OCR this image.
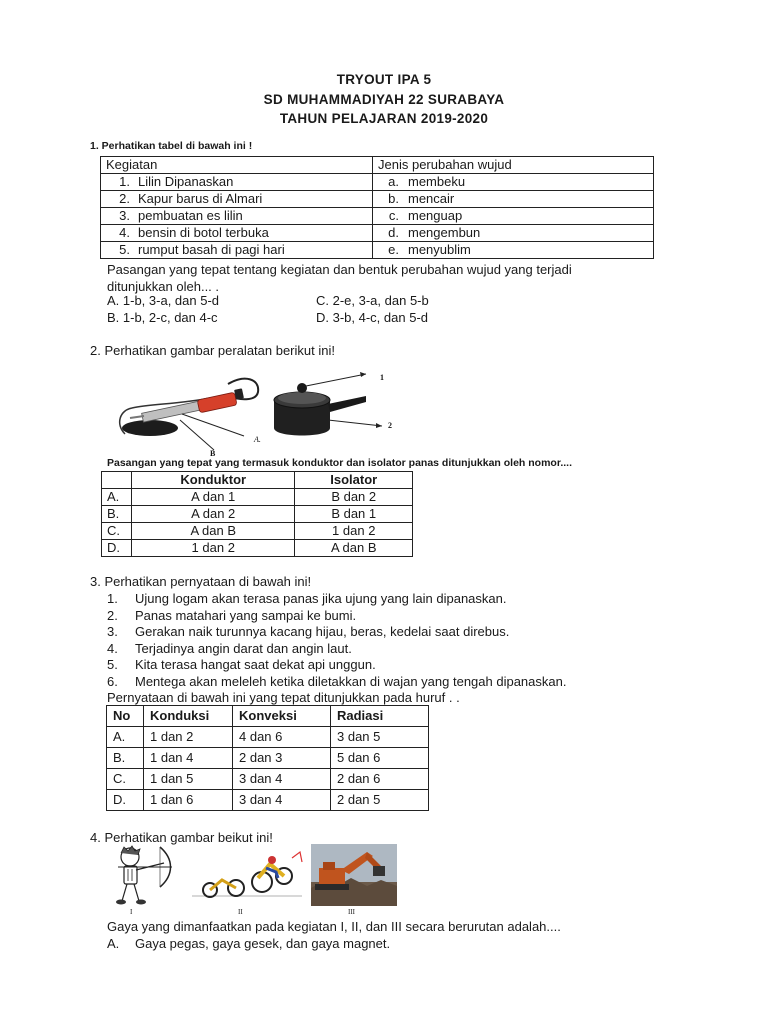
TRYOUT IPA 5
SD MUHAMMADIYAH 22 SURABAYA
TAHUN PELAJARAN 2019-2020
1. Perhatikan tabel di bawah ini !
Kegiatan	Jenis perubahan wujud
1. Lilin Dipanaskan	a. membeku
2. Kapur barus di Almari	b. mencair
3. pembuatan es lilin	c. menguap
4. bensin di botol terbuka	d. mengembun
5. rumput basah di pagi hari	e. menyublim
Pasangan yang tepat tentang kegiatan dan bentuk perubahan wujud yang terjadi
ditunjukkan oleh... .
A. 1-b, 3-a, dan 5-d	C. 2-e, 3-a, dan 5-b
B. 1-b, 2-c, dan 4-c	D. 3-b, 4-c, dan 5-d
2. Perhatikan gambar peralatan berikut ini!
B
A.
1
2
Pasangan yang tepat yang termasuk konduktor dan isolator panas ditunjukkan oleh nomor....
	Konduktor	Isolator
A.	A dan 1	B dan 2
B.	A dan 2	B dan 1
C.	A dan B	1 dan 2
D.	1 dan 2	A dan B
3. Perhatikan pernyataan di bawah ini!
1. Ujung logam akan terasa panas jika ujung yang lain dipanaskan.
2. Panas matahari yang sampai ke bumi.
3. Gerakan naik turunnya kacang hijau, beras, kedelai saat direbus.
4. Terjadinya angin darat dan angin laut.
5. Kita terasa hangat saat dekat api unggun.
6. Mentega akan meleleh ketika diletakkan di wajan yang tengah dipanaskan.
Pernyataan di bawah ini yang tepat ditunjukkan pada huruf . .
No	Konduksi	Konveksi	Radiasi
A.	1 dan 2	4 dan 6	3 dan 5
B.	1 dan 4	2 dan 3	5 dan 6
C.	1 dan 5	3 dan 4	2 dan 6
D.	1 dan 6	3 dan 4	2 dan 5
4. Perhatikan gambar beikut ini!
I	II	III
Gaya yang dimanfaatkan pada kegiatan I, II, dan III secara berurutan adalah....
A. Gaya pegas, gaya gesek, dan gaya magnet.
